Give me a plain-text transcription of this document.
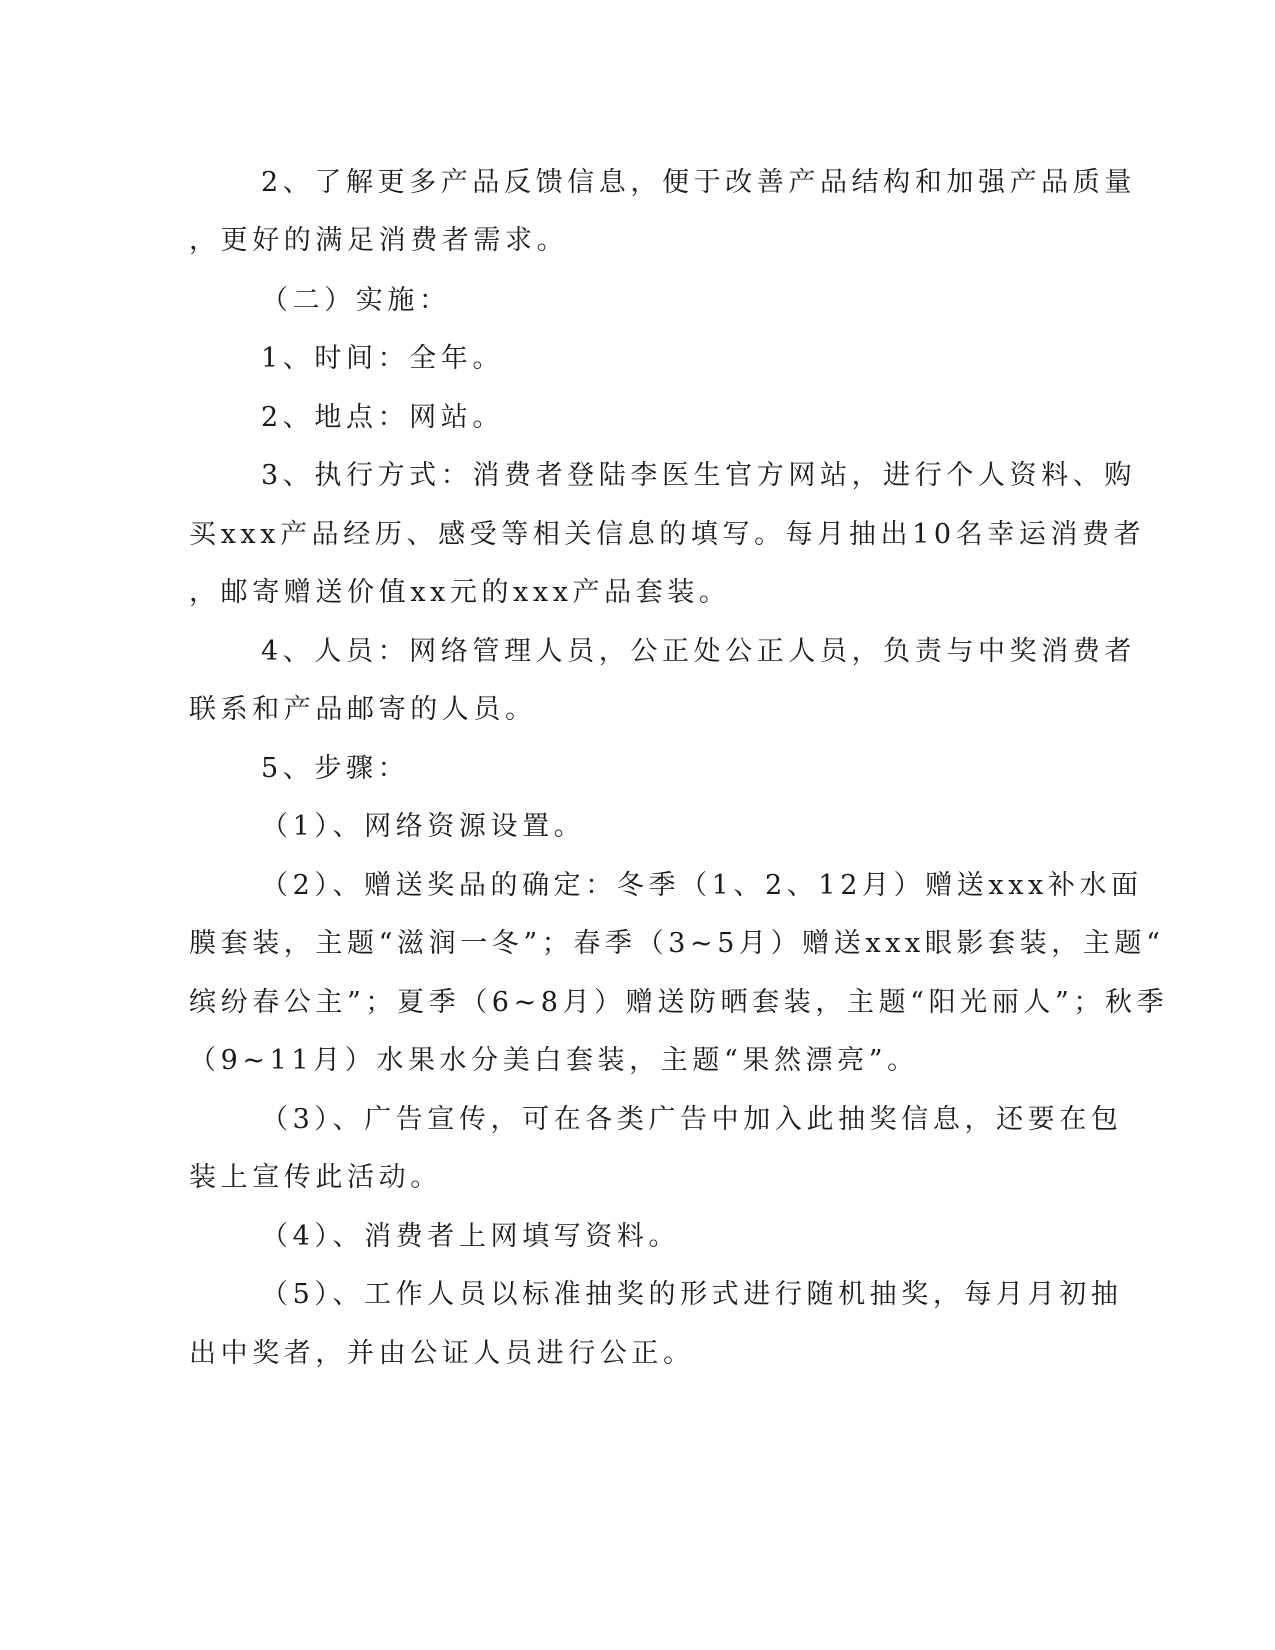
2、了解更多产品反馈信息，便于改善产品结构和加强产品质量
，更好的满足消费者需求。
（二）实施：
1、时间：全年。
2、地点：网站。
3、执行方式：消费者登陆李医生官方网站，进行个人资料、购
买xxx产品经历、感受等相关信息的填写。每月抽出10名幸运消费者
，邮寄赠送价值xx元的xxx产品套装。
4、人员：网络管理人员，公正处公正人员，负责与中奖消费者
联系和产品邮寄的人员。
5、步骤：
（1）、网络资源设置。
（2）、赠送奖品的确定：冬季（1、2、12月）赠送xxx补水面
膜套装，主题“滋润一冬”；春季（3~5月）赠送xxx眼影套装，主题“
缤纷春公主”；夏季（6~8月）赠送防晒套装，主题“阳光丽人”；秋季
（9~11月）水果水分美白套装，主题“果然漂亮”。
（3）、广告宣传，可在各类广告中加入此抽奖信息，还要在包
装上宣传此活动。
（4）、消费者上网填写资料。
（5）、工作人员以标准抽奖的形式进行随机抽奖，每月月初抽
出中奖者，并由公证人员进行公正。
